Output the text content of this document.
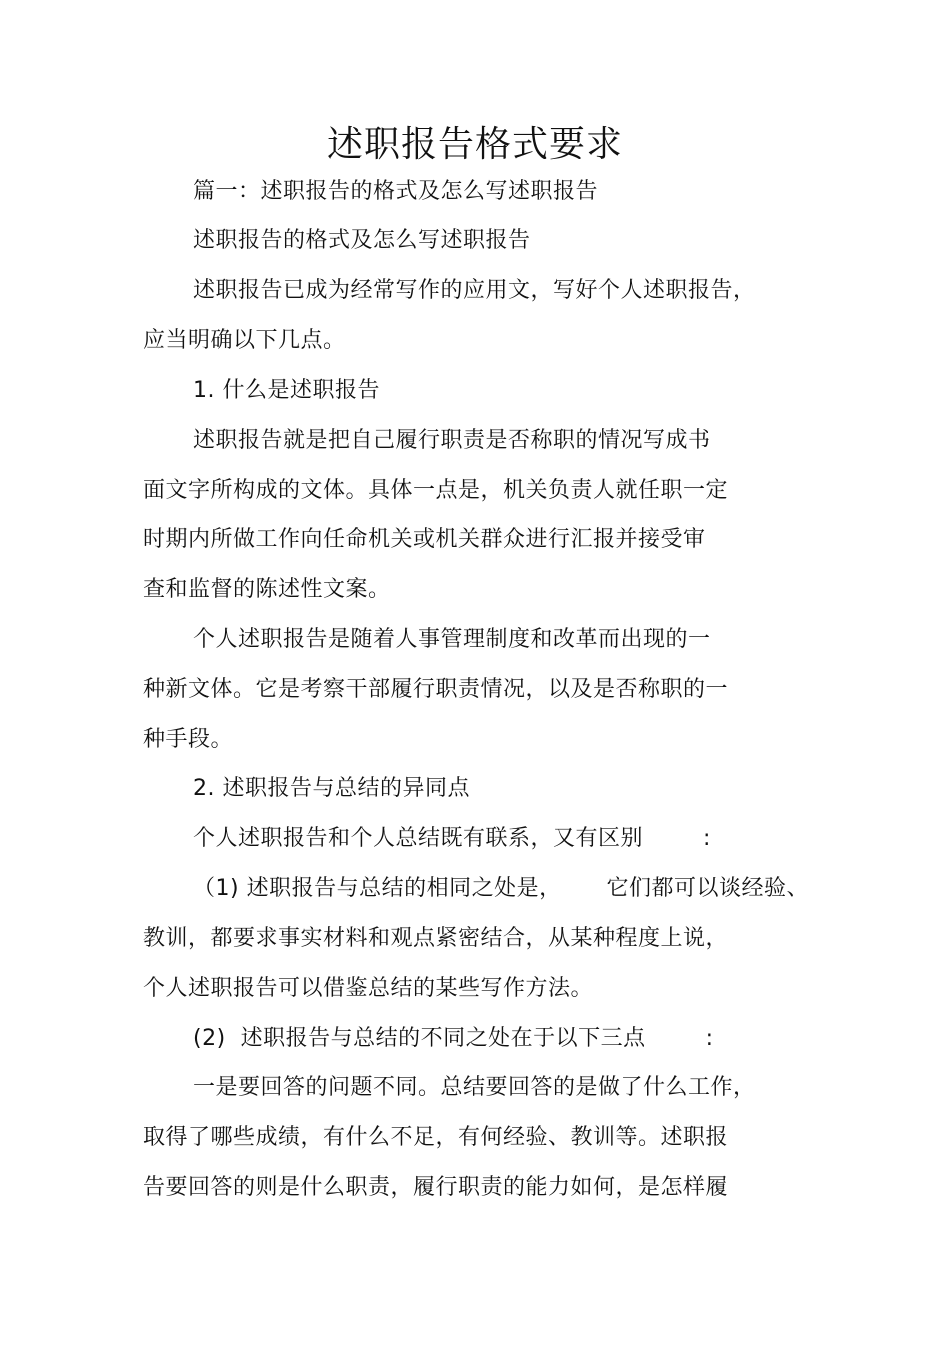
述职报告格式要求
篇一：述职报告的格式及怎么写述职报告
述职报告的格式及怎么写述职报告
述职报告已成为经常写作的应用文，写好个人述职报告，
应当明确以下几点。
1. 什么是述职报告
述职报告就是把自己履行职责是否称职的情况写成书
面文字所构成的文体。具体一点是，机关负责人就任职一定
时期内所做工作向任命机关或机关群众进行汇报并接受审
查和监督的陈述性文案。
个人述职报告是随着人事管理制度和改革而出现的一
种新文体。它是考察干部履行职责情况，以及是否称职的一
种手段。
2. 述职报告与总结的异同点
个人述职报告和个人总结既有联系，又有区别        :
（1) 述职报告与总结的相同之处是，      它们都可以谈经验、
教训，都要求事实材料和观点紧密结合，从某种程度上说，
个人述职报告可以借鉴总结的某些写作方法。
(2)  述职报告与总结的不同之处在于以下三点        :
一是要回答的问题不同。总结要回答的是做了什么工作，
取得了哪些成绩，有什么不足，有何经验、教训等。述职报
告要回答的则是什么职责，履行职责的能力如何，是怎样履
